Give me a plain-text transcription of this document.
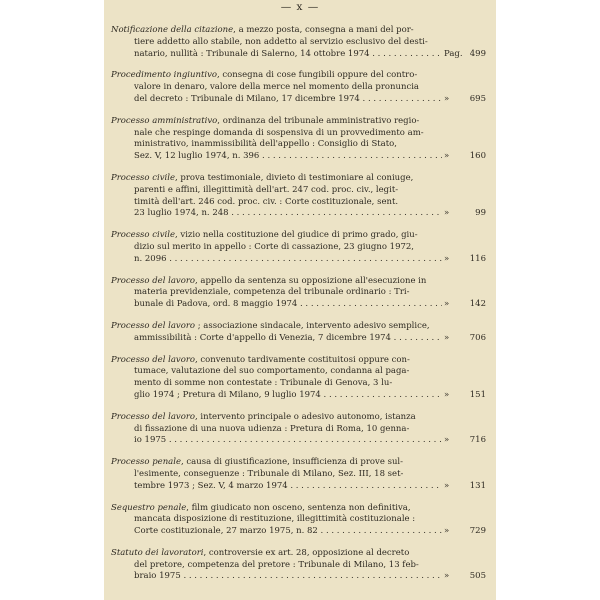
— x —
Notificazione della citazione, a mezzo posta, consegna a mani del por-
tiere addetto allo stabile, non addetto al servizio esclusivo del desti-
natario, nullità : Tribunale di Salerno, 14 ottobre 1974 . . .	Pag. 499
Procedimento ingiuntivo, consegna di cose fungibili oppure del contro-
valore in denaro, valore della merce nel momento della pronuncia
del decreto : Tribunale di Milano, 17 dicembre 1974 . . .	» 695
Processo amministrativo, ordinanza del tribunale amministrativo regio-
nale che respinge domanda di sospensiva di un provvedimento am-
ministrativo, inammissibilità dell'appello : Consiglio di Stato,
Sez. V, 12 luglio 1974, n. 396 . . .	» 160
Processo civile, prova testimoniale, divieto di testimoniare al coniuge,
parenti e affini, illegittimità dell'art. 247 cod. proc. civ., legit-
timità dell'art. 246 cod. proc. civ. : Corte costituzionale, sent.
23 luglio 1974, n. 248 . . .	»	99
Processo civile, vizio nella costituzione del giudice di primo grado, giu-
dizio sul merito in appello : Corte di cassazione, 23 giugno 1972,
n. 2096 . . .	» 116
Processo del lavoro, appello da sentenza su opposizione all'esecuzione in
materia previdenziale, competenza del tribunale ordinario : Tri-
bunale di Padova, ord. 8 maggio 1974 . . .	» 142
Processo del lavoro ; associazione sindacale, intervento adesivo semplice,
ammissibilità : Corte d'appello di Venezia, 7 dicembre 1974 . . .	» 706
Processo del lavoro, convenuto tardivamente costituitosi oppure con-
tumace, valutazione del suo comportamento, condanna al paga-
mento di somme non contestate : Tribunale di Genova, 3 lu-
glio 1974 ; Pretura di Milano, 9 luglio 1974 . . .	» 151
Processo del lavoro, intervento principale o adesivo autonomo, istanza
di fissazione di una nuova udienza : Pretura di Roma, 10 genna-
io 1975 . . .	» 716
Processo penale, causa di giustificazione, insufficienza di prove sul-
l'esimente, conseguenze : Tribunale di Milano, Sez. III, 18 set-
tembre 1973 ; Sez. V, 4 marzo 1974 . . .	» 131
Sequestro penale, film giudicato non osceno, sentenza non definitiva,
mancata disposizione di restituzione, illegittimità costituzionale :
Corte costituzionale, 27 marzo 1975, n. 82 . . .	» 729
Statuto dei lavoratori, controversie ex art. 28, opposizione al decreto
del pretore, competenza del pretore : Tribunale di Milano, 13 feb-
braio 1975 . . .	» 505
